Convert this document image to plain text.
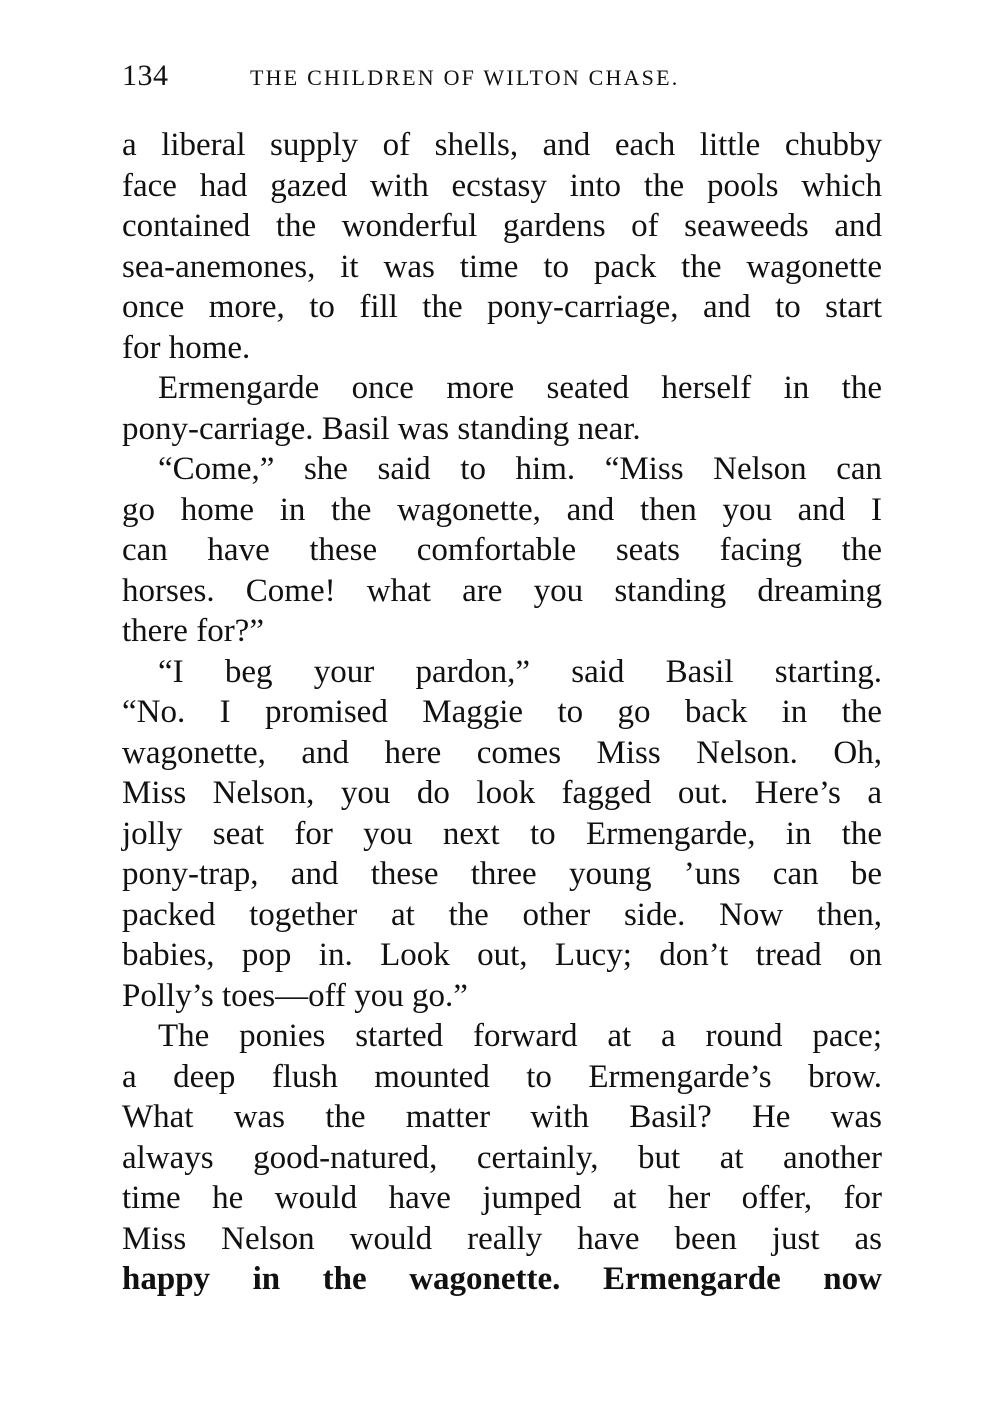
134	THE CHILDREN OF WILTON CHASE.
a liberal supply of shells, and each little chubby
face had gazed with ecstasy into the pools which
contained the wonderful gardens of seaweeds and
sea-anemones, it was time to pack the wagonette
once more, to fill the pony-carriage, and to start
for home.
Ermengarde once more seated herself in the
pony-carriage. Basil was standing near.
“Come,” she said to him. “Miss Nelson can
go home in the wagonette, and then you and I
can have these comfortable seats facing the
horses. Come! what are you standing dreaming
there for?”
“I beg your pardon,” said Basil starting.
“No. I promised Maggie to go back in the
wagonette, and here comes Miss Nelson. Oh,
Miss Nelson, you do look fagged out. Here’s a
jolly seat for you next to Ermengarde, in the
pony-trap, and these three young ’uns can be
packed together at the other side. Now then,
babies, pop in. Look out, Lucy; don’t tread on
Polly’s toes—off you go.”
The ponies started forward at a round pace;
a deep flush mounted to Ermengarde’s brow.
What was the matter with Basil? He was
always good-natured, certainly, but at another
time he would have jumped at her offer, for
Miss Nelson would really have been just as
happy in the wagonette. Ermengarde now
